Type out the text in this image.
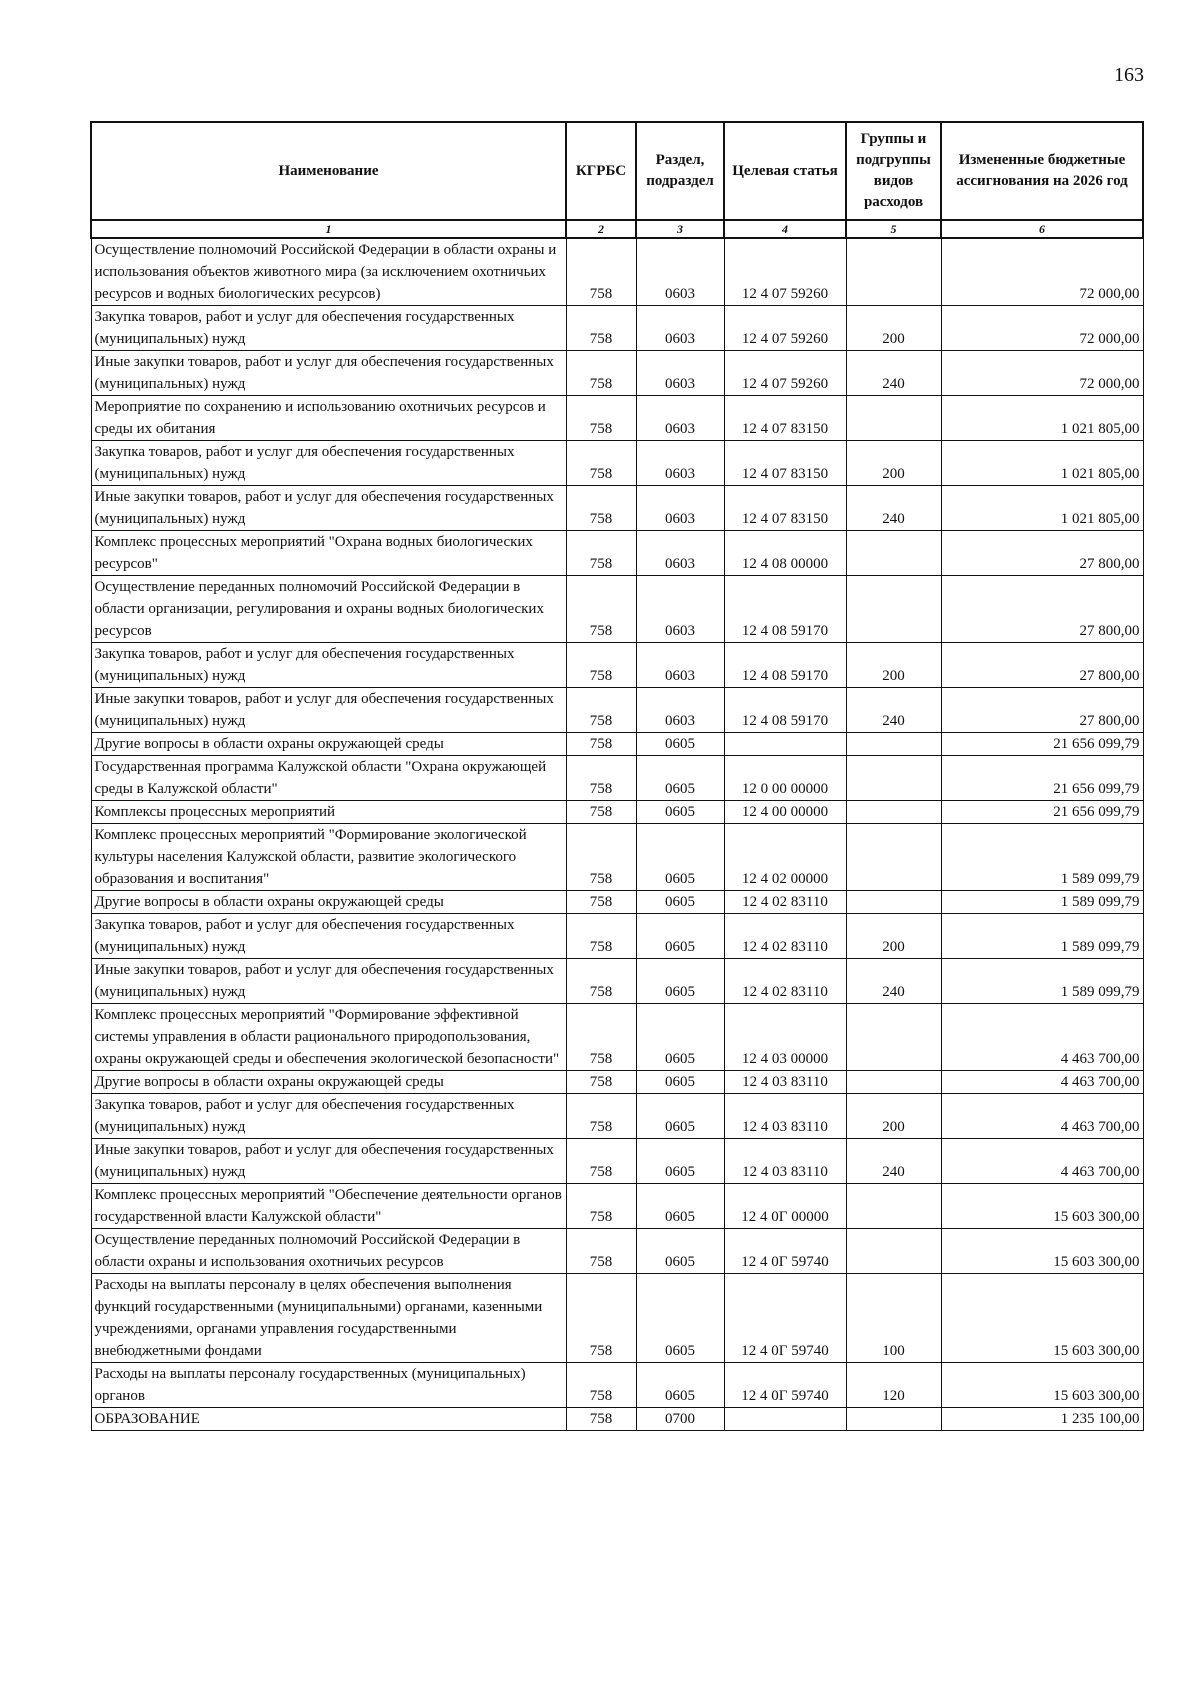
163
Наименование	КГРБС	Раздел, подраздел	Целевая статья	Группы и подгруппы видов расходов	Измененные бюджетные ассигнования на 2026 год
1	2	3	4	5	6
Осуществление полномочий Российской Федерации в области охраны и использования объектов животного мира (за исключением охотничьих ресурсов и водных биологических ресурсов)	758	0603	12 4 07 59260		72 000,00
Закупка товаров, работ и услуг для обеспечения государственных (муниципальных) нужд	758	0603	12 4 07 59260	200	72 000,00
Иные закупки товаров, работ и услуг для обеспечения государственных (муниципальных) нужд	758	0603	12 4 07 59260	240	72 000,00
Мероприятие по сохранению и использованию охотничьих ресурсов и среды их обитания	758	0603	12 4 07 83150		1 021 805,00
Закупка товаров, работ и услуг для обеспечения государственных (муниципальных) нужд	758	0603	12 4 07 83150	200	1 021 805,00
Иные закупки товаров, работ и услуг для обеспечения государственных (муниципальных) нужд	758	0603	12 4 07 83150	240	1 021 805,00
Комплекс процессных мероприятий "Охрана водных биологических ресурсов"	758	0603	12 4 08 00000		27 800,00
Осуществление переданных полномочий Российской Федерации в области организации, регулирования и охраны водных биологических ресурсов	758	0603	12 4 08 59170		27 800,00
Закупка товаров, работ и услуг для обеспечения государственных (муниципальных) нужд	758	0603	12 4 08 59170	200	27 800,00
Иные закупки товаров, работ и услуг для обеспечения государственных (муниципальных) нужд	758	0603	12 4 08 59170	240	27 800,00
Другие вопросы в области охраны окружающей среды	758	0605			21 656 099,79
Государственная программа Калужской области "Охрана окружающей среды в Калужской области"	758	0605	12 0 00 00000		21 656 099,79
Комплексы процессных мероприятий	758	0605	12 4 00 00000		21 656 099,79
Комплекс процессных мероприятий "Формирование экологической культуры населения Калужской области, развитие экологического образования и воспитания"	758	0605	12 4 02 00000		1 589 099,79
Другие вопросы в области охраны окружающей среды	758	0605	12 4 02 83110		1 589 099,79
Закупка товаров, работ и услуг для обеспечения государственных (муниципальных) нужд	758	0605	12 4 02 83110	200	1 589 099,79
Иные закупки товаров, работ и услуг для обеспечения государственных (муниципальных) нужд	758	0605	12 4 02 83110	240	1 589 099,79
Комплекс процессных мероприятий "Формирование эффективной системы управления в области рационального природопользования, охраны окружающей среды и обеспечения экологической безопасности"	758	0605	12 4 03 00000		4 463 700,00
Другие вопросы в области охраны окружающей среды	758	0605	12 4 03 83110		4 463 700,00
Закупка товаров, работ и услуг для обеспечения государственных (муниципальных) нужд	758	0605	12 4 03 83110	200	4 463 700,00
Иные закупки товаров, работ и услуг для обеспечения государственных (муниципальных) нужд	758	0605	12 4 03 83110	240	4 463 700,00
Комплекс процессных мероприятий "Обеспечение деятельности органов государственной власти Калужской области"	758	0605	12 4 0Г 00000		15 603 300,00
Осуществление переданных полномочий Российской Федерации в области охраны и использования охотничьих ресурсов	758	0605	12 4 0Г 59740		15 603 300,00
Расходы на выплаты персоналу в целях обеспечения выполнения функций государственными (муниципальными) органами, казенными учреждениями, органами управления государственными внебюджетными фондами	758	0605	12 4 0Г 59740	100	15 603 300,00
Расходы на выплаты персоналу государственных (муниципальных) органов	758	0605	12 4 0Г 59740	120	15 603 300,00
ОБРАЗОВАНИЕ	758	0700			1 235 100,00
